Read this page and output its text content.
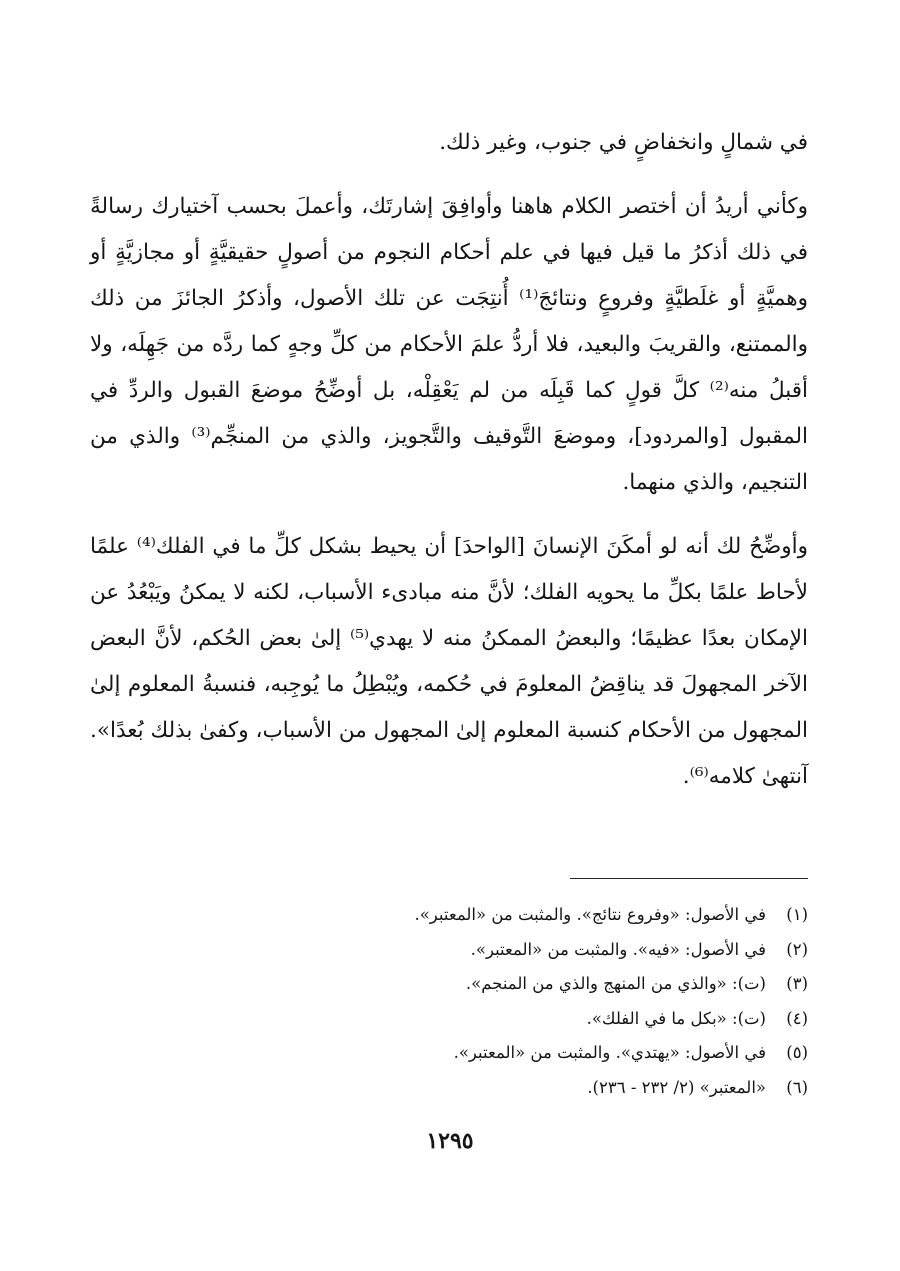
في شمالٍ وانخفاضٍ في جنوب، وغير ذلك.

وكأني أريدُ أن أختصر الكلام هاهنا وأوافِقَ إشارتَك، وأعملَ بحسب آختيارك رسالةً في ذلك أذكرُ ما قيل فيها في علم أحكام النجوم من أصولٍ حقيقيَّةٍ أو مجازيَّةٍ أو وهميَّةٍ أو غلَطيَّةٍ وفروعٍ ونتائجَ⁽¹⁾ أُنتِجَت عن تلك الأصول، وأذكرُ الجائزَ من ذلك والممتنع، والقريبَ والبعيد، فلا أردُّ علمَ الأحكام من كلِّ وجهٍ كما ردَّه من جَهِلَه، ولا أقبلُ منه⁽²⁾ كلَّ قولٍ كما قَبِلَه من لم يَعْقِلْه، بل أوضِّحُ موضعَ القبول والردِّ في المقبول [والمردود]، وموضعَ التَّوقيف والتَّجويز، والذي من المنجِّم⁽³⁾ والذي من التنجيم، والذي منهما.

وأوضِّحُ لك أنه لو أمكَنَ الإنسانَ [الواحدَ] أن يحيط بشكل كلِّ ما في الفلك⁽⁴⁾ علمًا لأحاط علمًا بكلِّ ما يحويه الفلك؛ لأنَّ منه مبادىء الأسباب، لكنه لا يمكنُ ويَبْعُدُ عن الإمكان بعدًا عظيمًا؛ والبعضُ الممكنُ منه لا يهدي⁽⁵⁾ إلىٰ بعض الحُكم، لأنَّ البعض الآخر المجهولَ قد يناقِضُ المعلومَ في حُكمه، ويُبْطِلُ ما يُوجِبه، فنسبةُ المعلوم إلىٰ المجهول من الأحكام كنسبة المعلوم إلىٰ المجهول من الأسباب، وكفىٰ بذلك بُعدًا». آنتهىٰ كلامه⁽⁶⁾.

(١)
في الأصول: «وفروع نتائج». والمثبت من «المعتبر».
(٢)
في الأصول: «فيه». والمثبت من «المعتبر».
(٣)
(ت): «والذي من المنهج والذي من المنجم».
(٤)
(ت): «بكل ما في الفلك».
(٥)
في الأصول: «يهتدي». والمثبت من «المعتبر».
(٦)
«المعتبر» (٢/ ٢٣٢ - ٢٣٦).
١٢٩٥
